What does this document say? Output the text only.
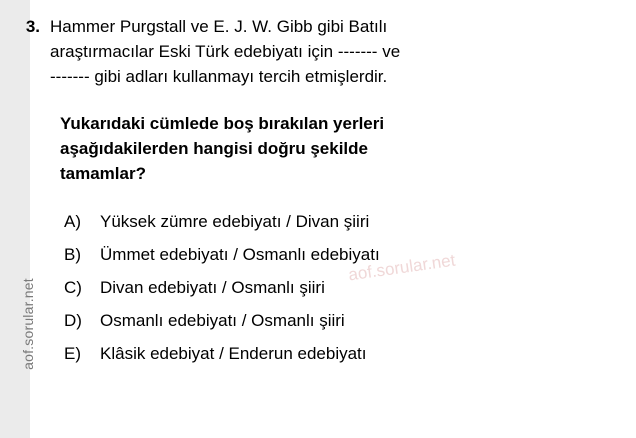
aof.sorular.net
aof.sorular.net
3. Hammer Purgstall ve E. J. W. Gibb gibi Batılı
araştırmacılar Eski Türk edebiyatı için ------- ve
------- gibi adları kullanmayı tercih etmişlerdir.
Yukarıdaki cümlede boş bırakılan yerleri
aşağıdakilerden hangisi doğru şekilde
tamamlar?
A)	Yüksek zümre edebiyatı / Divan şiiri
B)	Ümmet edebiyatı / Osmanlı edebiyatı
C)	Divan edebiyatı / Osmanlı şiiri
D)	Osmanlı edebiyatı / Osmanlı şiiri
E)	Klâsik edebiyat / Enderun edebiyatı
